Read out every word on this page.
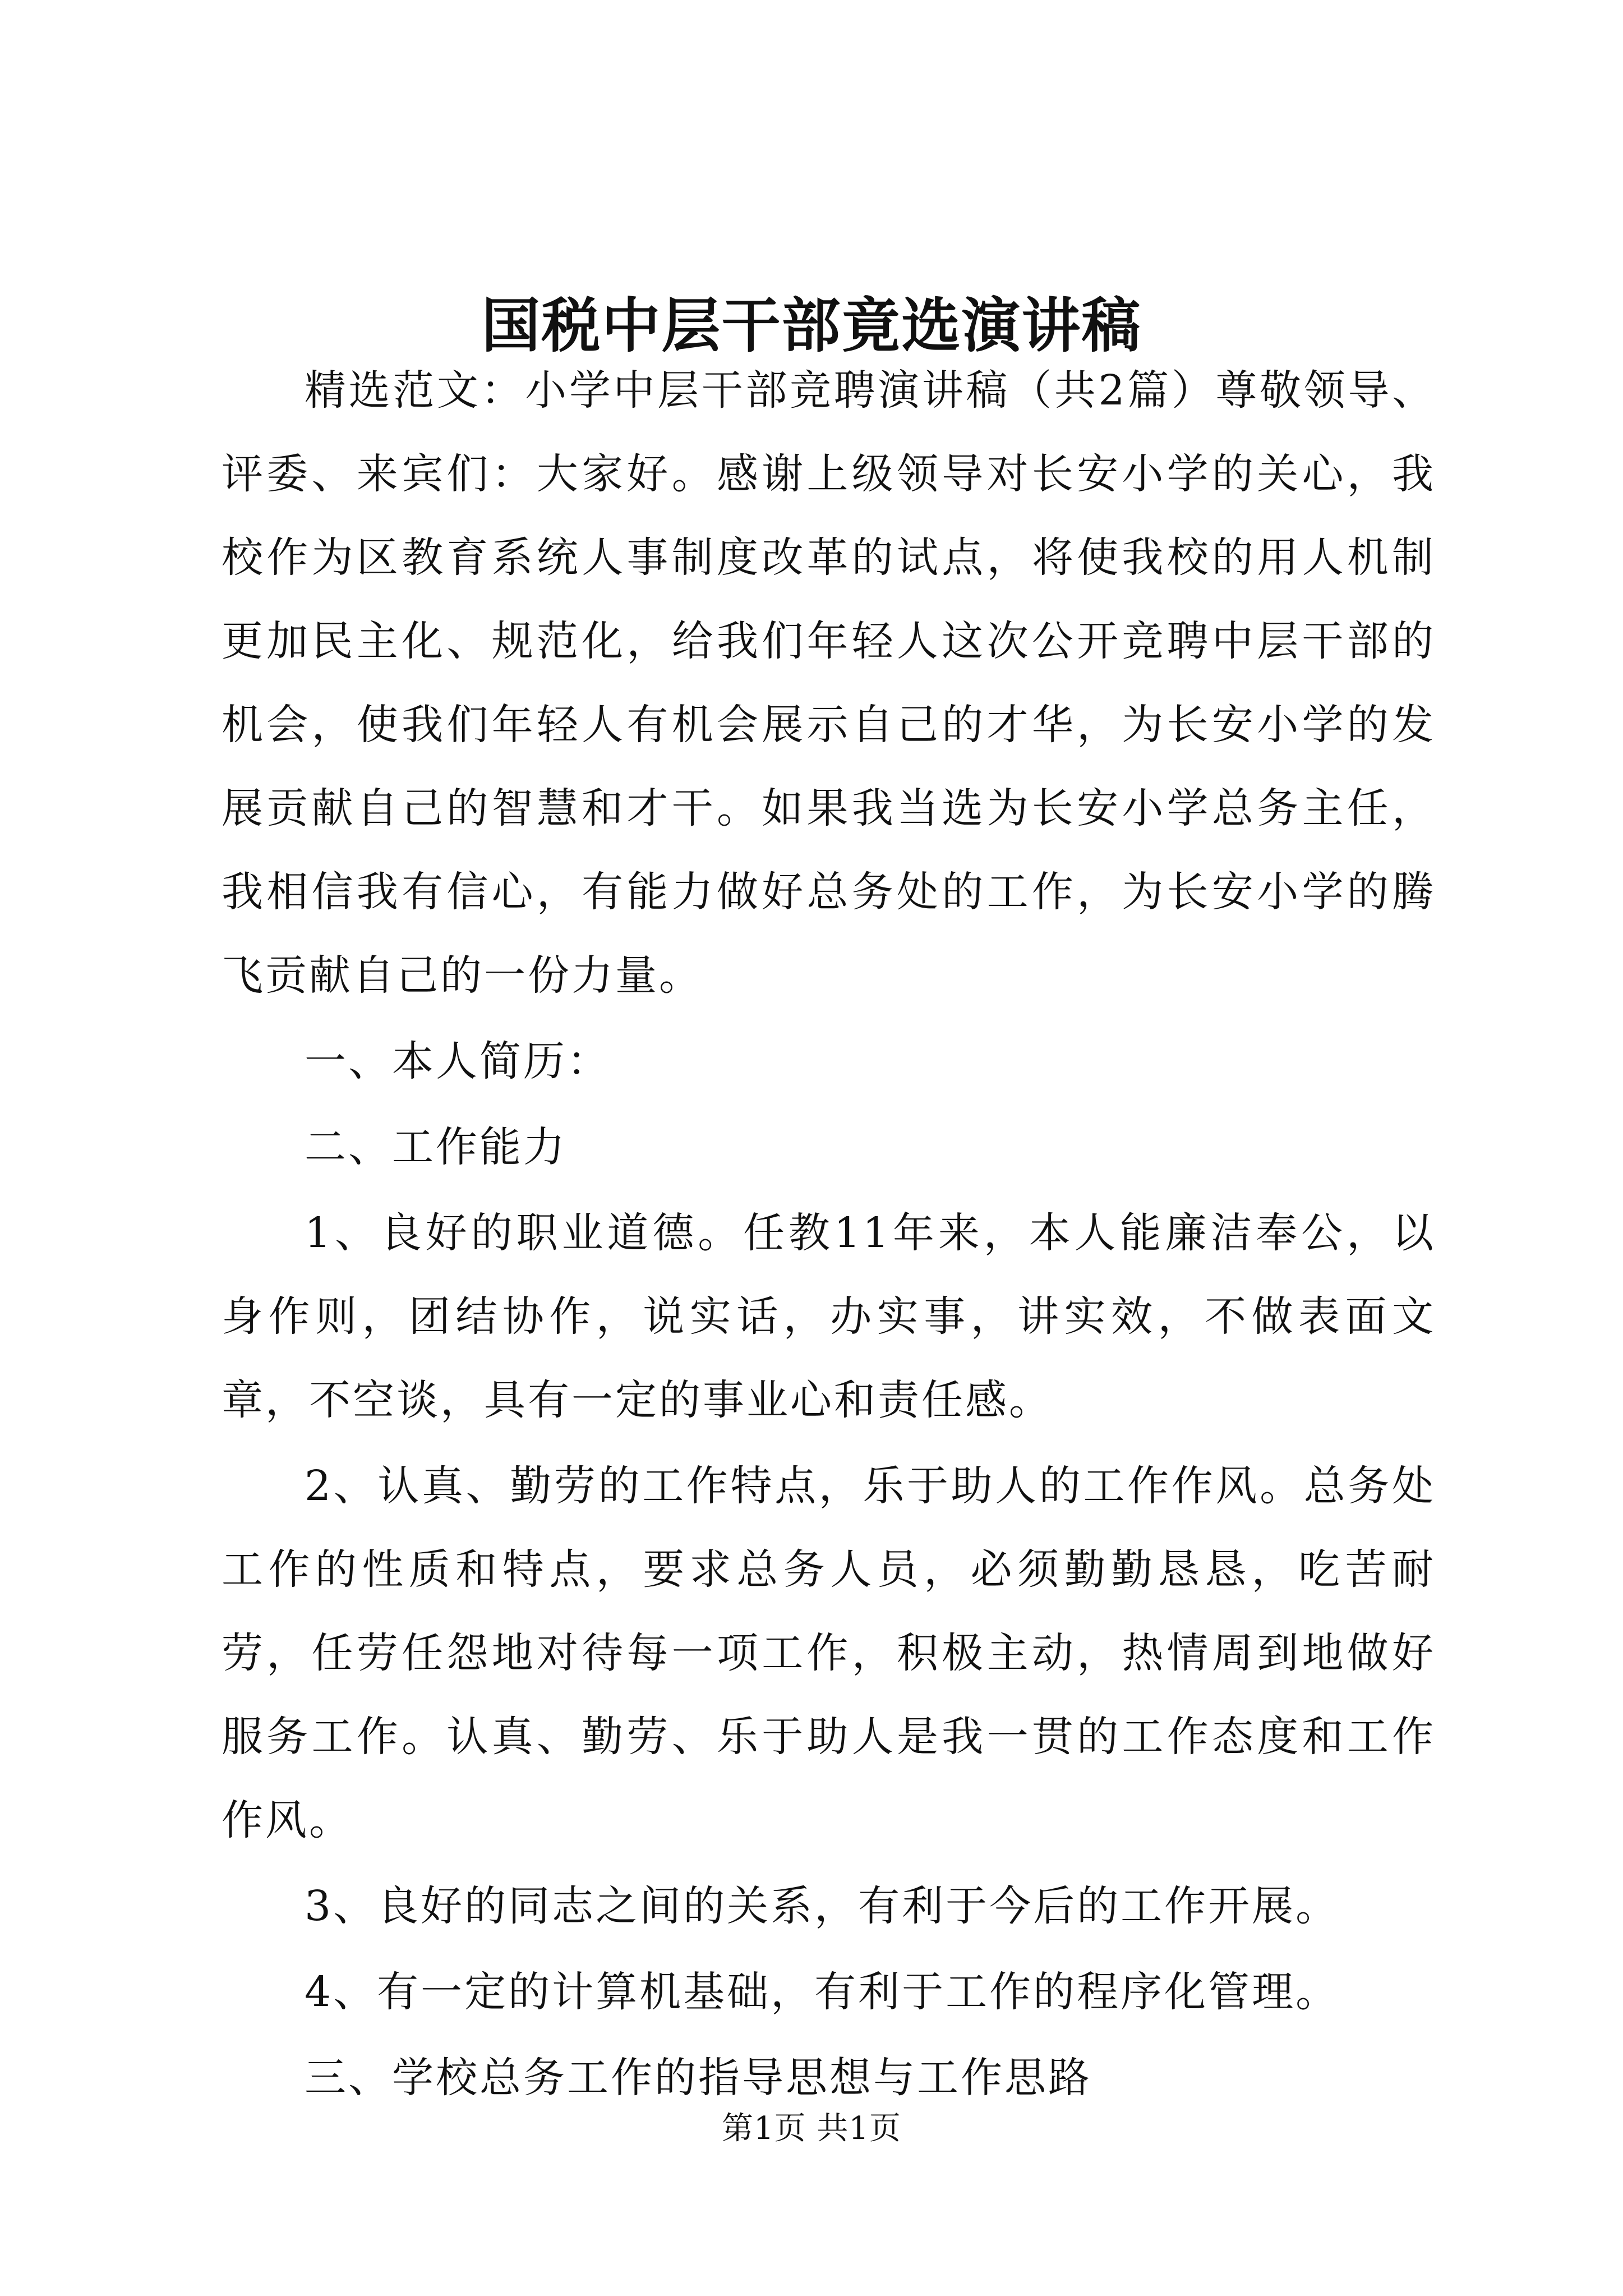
国税中层干部竟选演讲稿

精选范文：小学中层干部竞聘演讲稿（共2篇）尊敬领导、评委、来宾们：大家好。感谢上级领导对长安小学的关心，我校作为区教育系统人事制度改革的试点，将使我校的用人机制更加民主化、规范化，给我们年轻人这次公开竞聘中层干部的机会，使我们年轻人有机会展示自己的才华，为长安小学的发展贡献自己的智慧和才干。如果我当选为长安小学总务主任，我相信我有信心，有能力做好总务处的工作，为长安小学的腾飞贡献自己的一份力量。

一、本人简历：

二、工作能力

1、良好的职业道德。任教11年来，本人能廉洁奉公，以身作则，团结协作，说实话，办实事，讲实效，不做表面文章，不空谈，具有一定的事业心和责任感。

2、认真、勤劳的工作特点，乐于助人的工作作风。总务处工作的性质和特点，要求总务人员，必须勤勤恳恳，吃苦耐劳，任劳任怨地对待每一项工作，积极主动，热情周到地做好服务工作。认真、勤劳、乐于助人是我一贯的工作态度和工作作风。

3、良好的同志之间的关系，有利于今后的工作开展。

4、有一定的计算机基础，有利于工作的程序化管理。

三、学校总务工作的指导思想与工作思路

第1页 共1页
